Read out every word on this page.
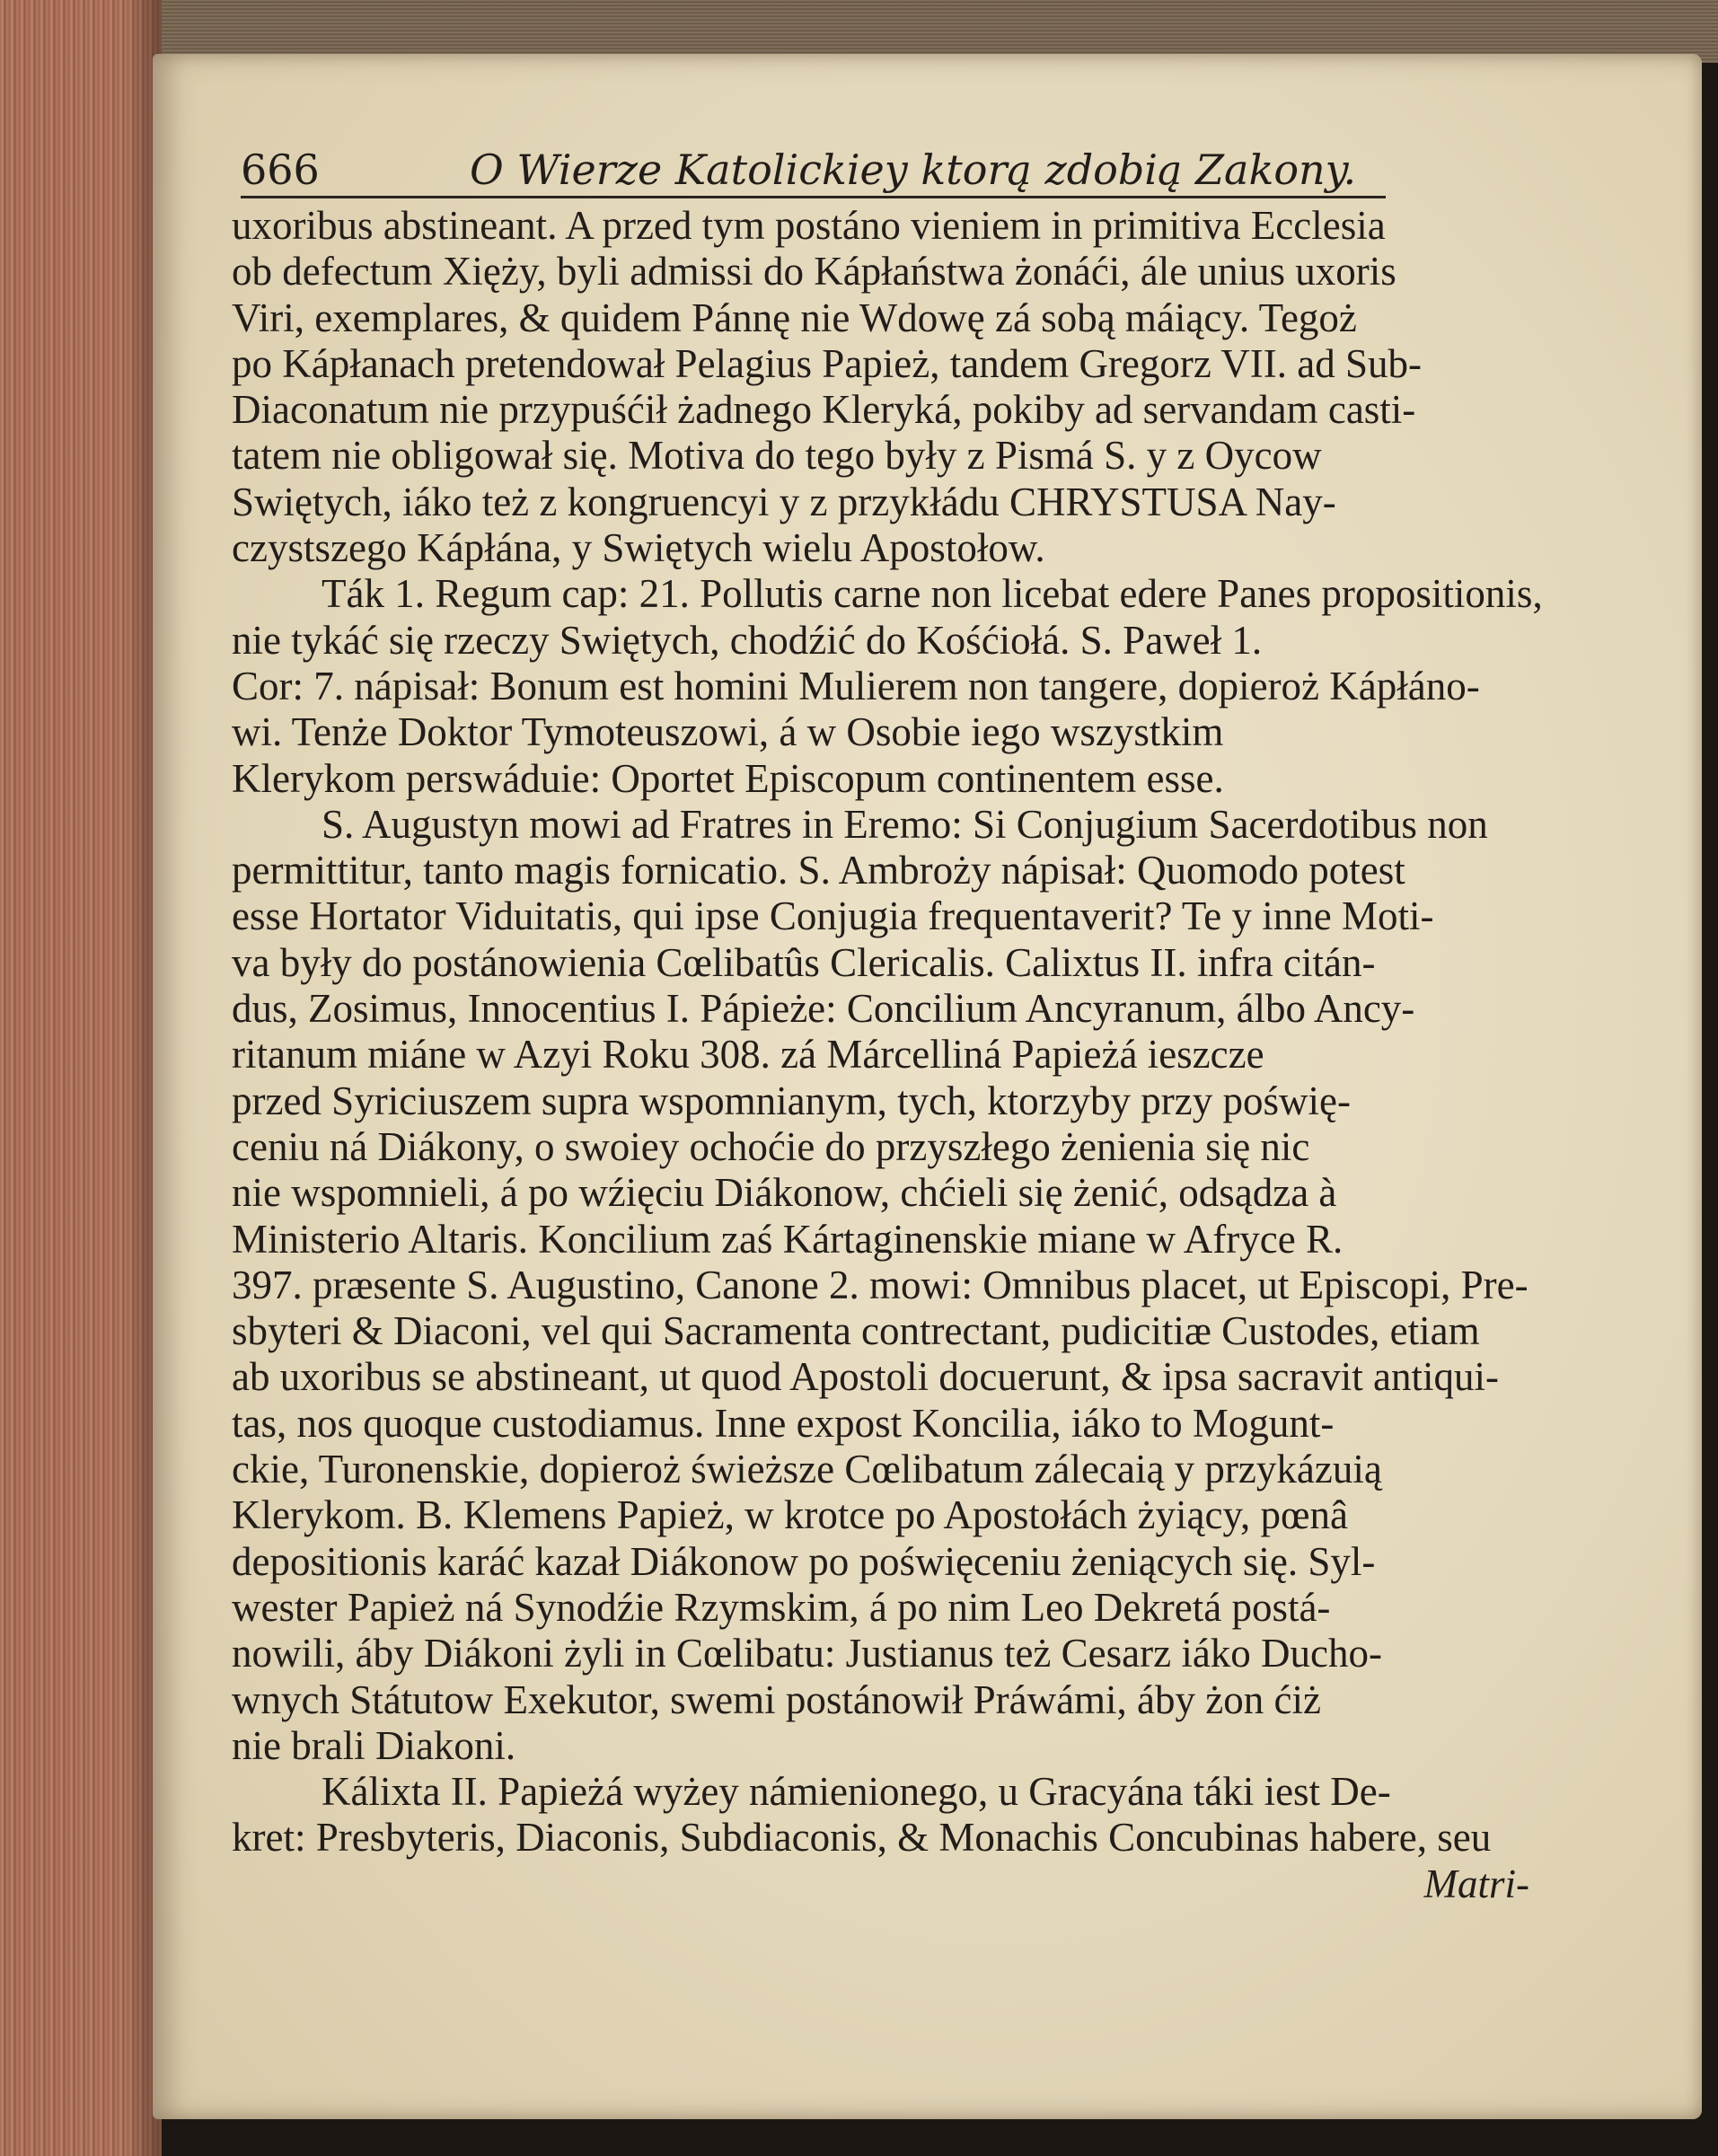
666	O Wierze Katolickiey ktorą zdobią Zakony.
uxoribus abstineant. A przed tym postáno vieniem in primitiva Ecclesia
ob defectum Xięży, byli admissi do Kápłaństwa żonáći, ále unius uxoris
Viri, exemplares, & quidem Pánnę nie Wdowę zá sobą máiący. Tegoż
po Kápłanach pretendował Pelagius Papież, tandem Gregorz VII. ad Sub-
Diaconatum nie przypuśćił żadnego Kleryká, pokiby ad servandam casti-
tatem nie obligował się. Motiva do tego były z Pismá S. y z Oycow
Swiętych, iáko też z kongruencyi y z przykłádu CHRYSTUSA Nay-
czystszego Kápłána, y Swiętych wielu Apostołow.
Ták 1. Regum cap: 21. Pollutis carne non licebat edere Panes propositionis,
nie tykáć się rzeczy Swiętych, chodźić do Kośćiołá. S. Paweł 1.
Cor: 7. nápisał: Bonum est homini Mulierem non tangere, dopieroż Kápłáno-
wi. Tenże Doktor Tymoteuszowi, á w Osobie iego wszystkim
Klerykom perswáduie: Oportet Episcopum continentem esse.
S. Augustyn mowi ad Fratres in Eremo: Si Conjugium Sacerdotibus non
permittitur, tanto magis fornicatio. S. Ambroży nápisał: Quomodo potest
esse Hortator Viduitatis, qui ipse Conjugia frequentaverit? Te y inne Moti-
va były do postánowienia Cœlibatûs Clericalis. Calixtus II. infra citán-
dus, Zosimus, Innocentius I. Pápieże: Concilium Ancyranum, álbo Ancy-
ritanum miáne w Azyi Roku 308. zá Márcelliná Papieżá ieszcze
przed Syriciuszem supra wspomnianym, tych, ktorzyby przy poświę-
ceniu ná Diákony, o swoiey ochoćie do przyszłego żenienia się nic
nie wspomnieli, á po wźięciu Diákonow, chćieli się żenić, odsądza à
Ministerio Altaris. Koncilium zaś Kártaginenskie miane w Afryce R.
397. præsente S. Augustino, Canone 2. mowi: Omnibus placet, ut Episcopi, Pre-
sbyteri & Diaconi, vel qui Sacramenta contrectant, pudicitiæ Custodes, etiam
ab uxoribus se abstineant, ut quod Apostoli docuerunt, & ipsa sacravit antiqui-
tas, nos quoque custodiamus. Inne expost Koncilia, iáko to Mogunt-
ckie, Turonenskie, dopieroż świeższe Cœlibatum zálecaią y przykázuią
Klerykom. B. Klemens Papież, w krotce po Apostołách żyiący, pœnâ
depositionis karáć kazał Diákonow po poświęceniu żeniących się. Syl-
wester Papież ná Synodźie Rzymskim, á po nim Leo Dekretá postá-
nowili, áby Diákoni żyli in Cœlibatu: Justianus też Cesarz iáko Ducho-
wnych Státutow Exekutor, swemi postánowił Práwámi, áby żon ćiż
nie brali Diakoni.
Kálixta II. Papieżá wyżey námienionego, u Gracyána táki iest De-
kret: Presbyteris, Diaconis, Subdiaconis, & Monachis Concubinas habere, seu
Matri-
